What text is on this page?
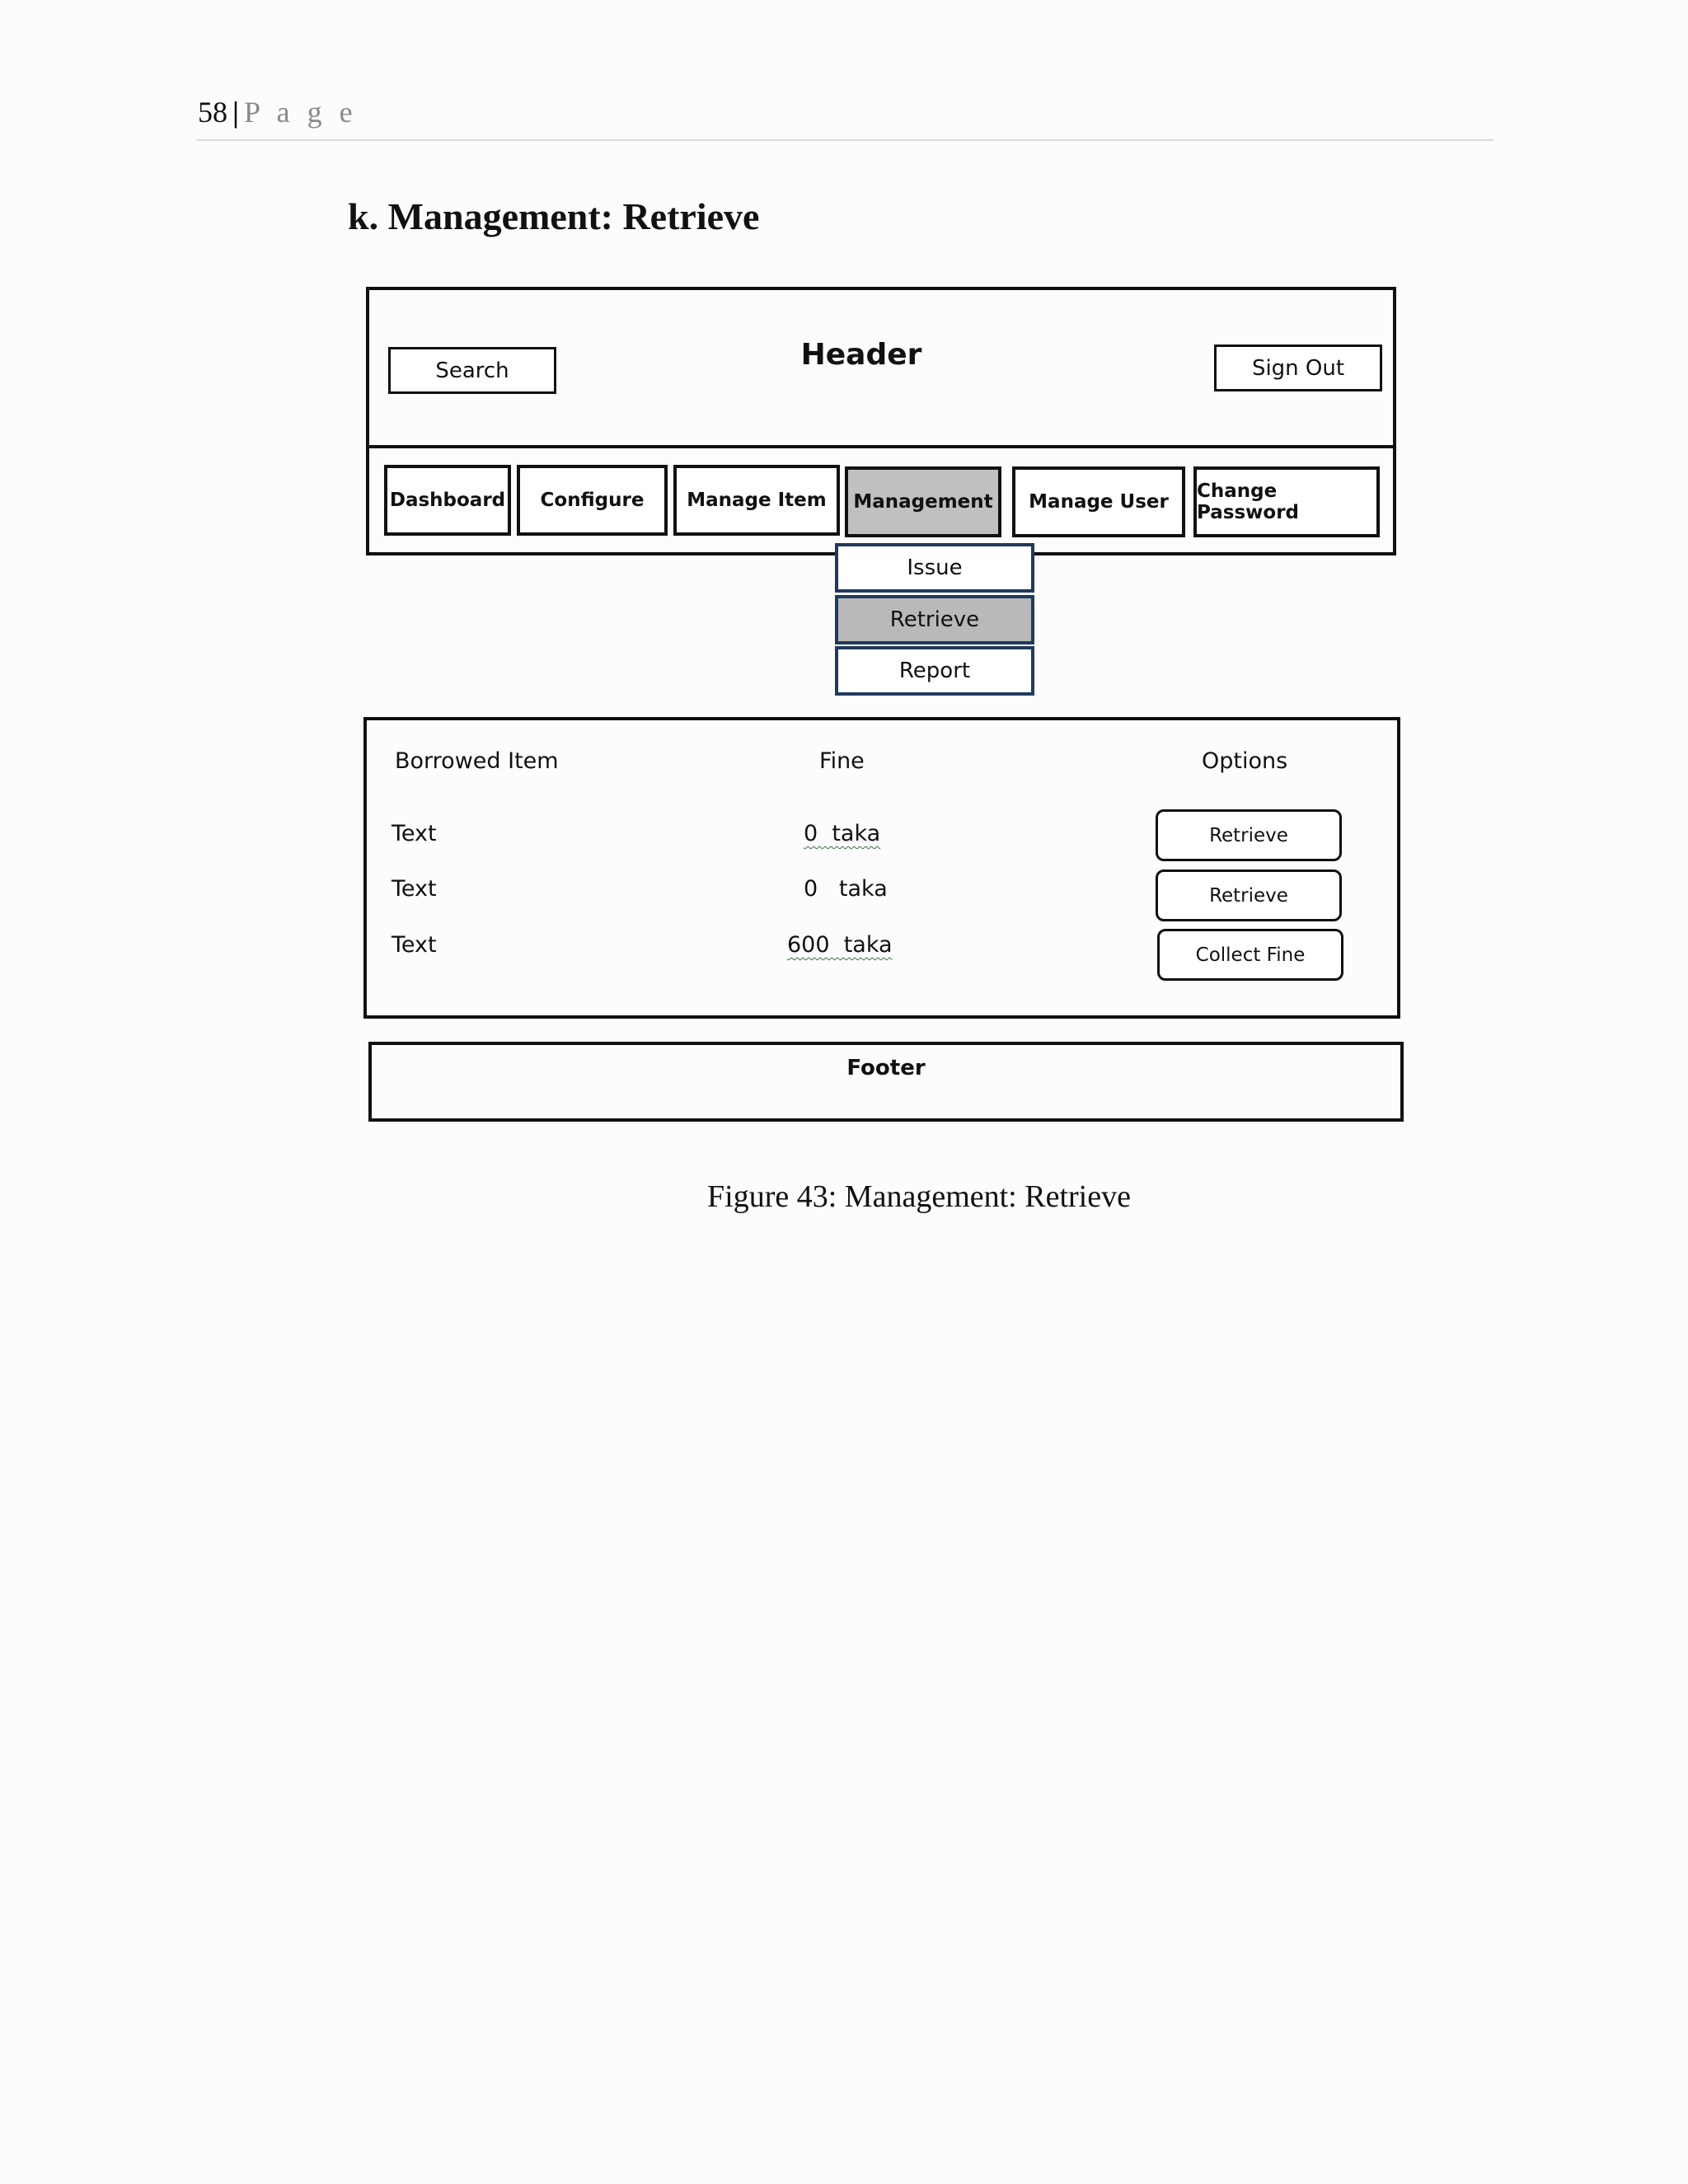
58 | P a g e
k. Management: Retrieve
Search	Header	Sign Out
Dashboard Configure Manage Item Management Manage User Change Password
Issue
Retrieve
Report
Borrowed Item	Fine	Options
Text	0  taka	Retrieve
Text	0   taka	Retrieve
Text	600  taka	Collect Fine
Footer
Figure 43: Management: Retrieve
